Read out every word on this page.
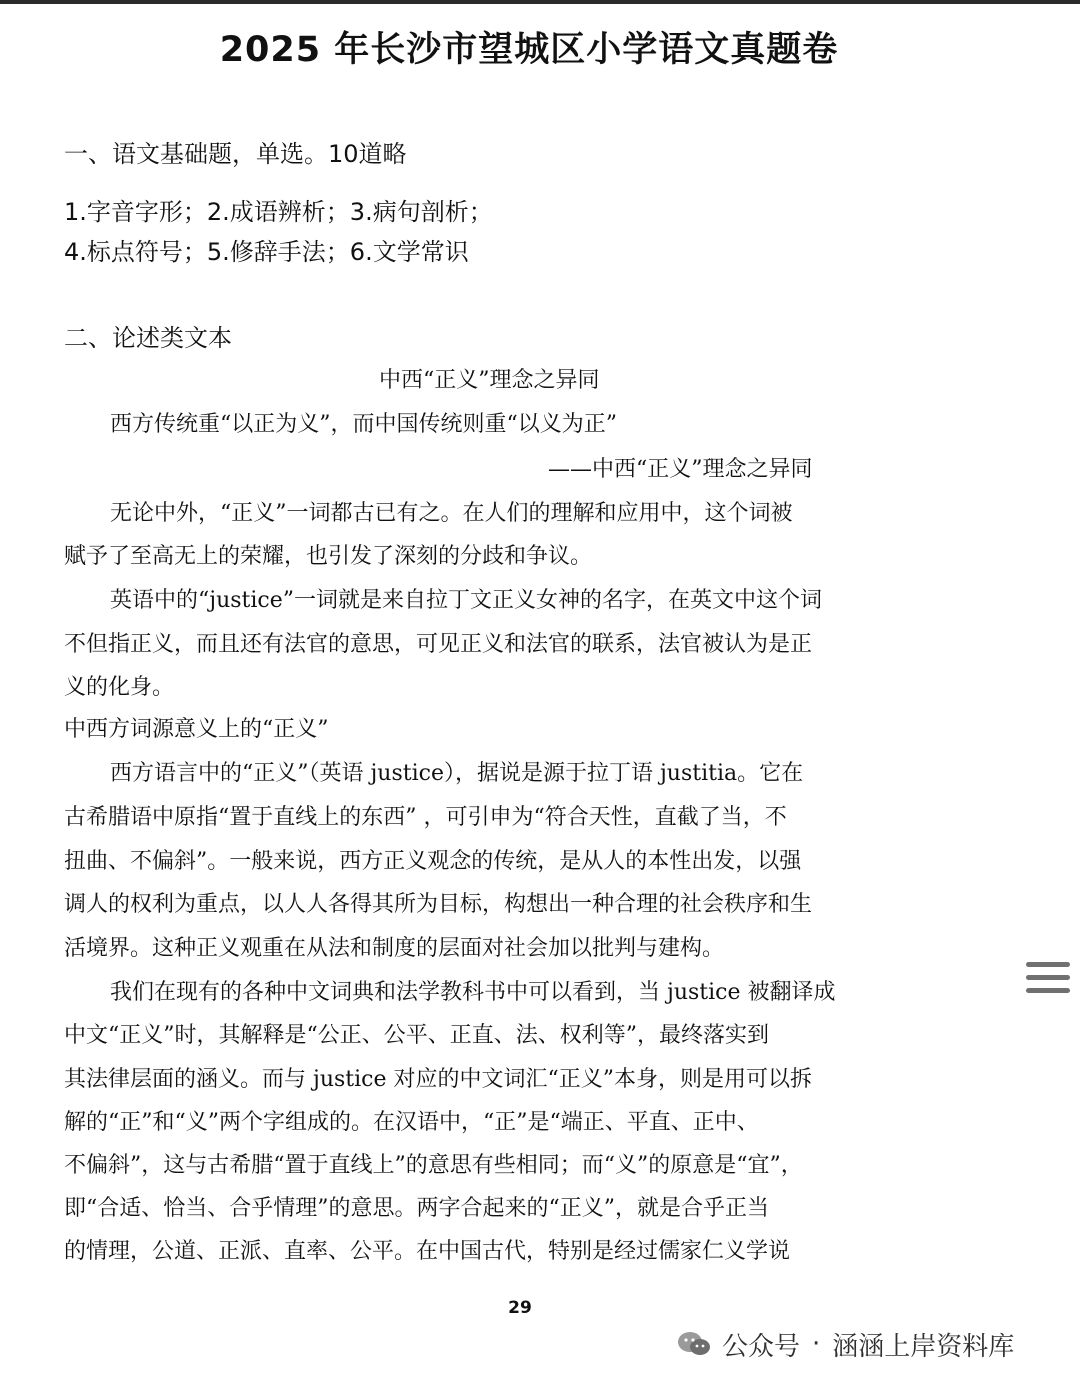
2025 年长沙市望城区小学语文真题卷
一、语文基础题，单选。10道略
1.字音字形；2.成语辨析；3.病句剖析；
4.标点符号；5.修辞手法；6.文学常识
二、论述类文本
中西“正义”理念之异同
西方传统重“以正为义”，而中国传统则重“以义为正”
——中西“正义”理念之异同
无论中外，“正义”一词都古已有之。在人们的理解和应用中，这个词被
赋予了至高无上的荣耀，也引发了深刻的分歧和争议。
英语中的“justice”一词就是来自拉丁文正义女神的名字，在英文中这个词
不但指正义，而且还有法官的意思，可见正义和法官的联系，法官被认为是正
义的化身。
中西方词源意义上的“正义”
西方语言中的“正义”（英语 justice），据说是源于拉丁语 justitia。它在
古希腊语中原指“置于直线上的东西” ，可引申为“符合天性，直截了当，不
扭曲、不偏斜”。一般来说，西方正义观念的传统，是从人的本性出发，以强
调人的权利为重点，以人人各得其所为目标，构想出一种合理的社会秩序和生
活境界。这种正义观重在从法和制度的层面对社会加以批判与建构。
我们在现有的各种中文词典和法学教科书中可以看到，当 justice 被翻译成
中文“正义”时，其解释是“公正、公平、正直、法、权利等”，最终落实到
其法律层面的涵义。而与 justice 对应的中文词汇“正义”本身，则是用可以拆
解的“正”和“义”两个字组成的。在汉语中，“正”是“端正、平直、正中、
不偏斜”，这与古希腊“置于直线上”的意思有些相同；而“义”的原意是“宜”，
即“合适、恰当、合乎情理”的意思。两字合起来的“正义”，就是合乎正当
的情理，公道、正派、直率、公平。在中国古代，特别是经过儒家仁义学说
29
公众号 · 涵涵上岸资料库
